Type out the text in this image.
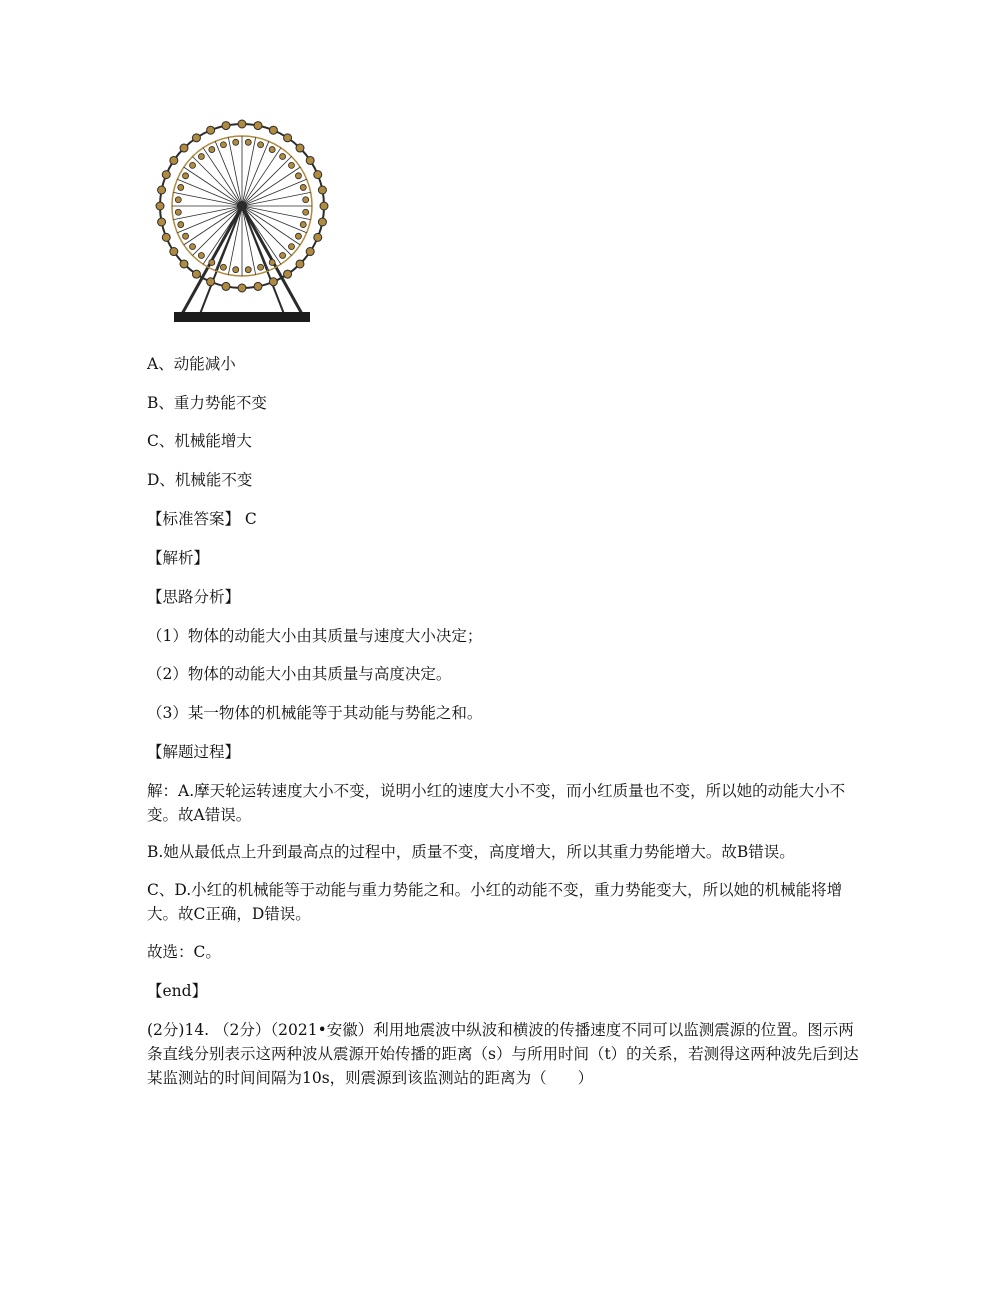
A、动能减小
B、重力势能不变
C、机械能增大
D、机械能不变
【标准答案】 C
【解析】
【思路分析】
（1）物体的动能大小由其质量与速度大小决定；
（2）物体的动能大小由其质量与高度决定。
（3）某一物体的机械能等于其动能与势能之和。
【解题过程】
解：A.摩天轮运转速度大小不变，说明小红的速度大小不变，而小红质量也不变，所以她的动能大小不变。故A错误。
B.她从最低点上升到最高点的过程中，质量不变，高度增大，所以其重力势能增大。故B错误。
C、D.小红的机械能等于动能与重力势能之和。小红的动能不变，重力势能变大，所以她的机械能将增大。故C正确，D错误。
故选：C。
【end】
(2分)14. （2分）（2021•安徽）利用地震波中纵波和横波的传播速度不同可以监测震源的位置。图示两条直线分别表示这两种波从震源开始传播的距离（s）与所用时间（t）的关系，若测得这两种波先后到达某监测站的时间间隔为10s，则震源到该监测站的距离为（　　）
